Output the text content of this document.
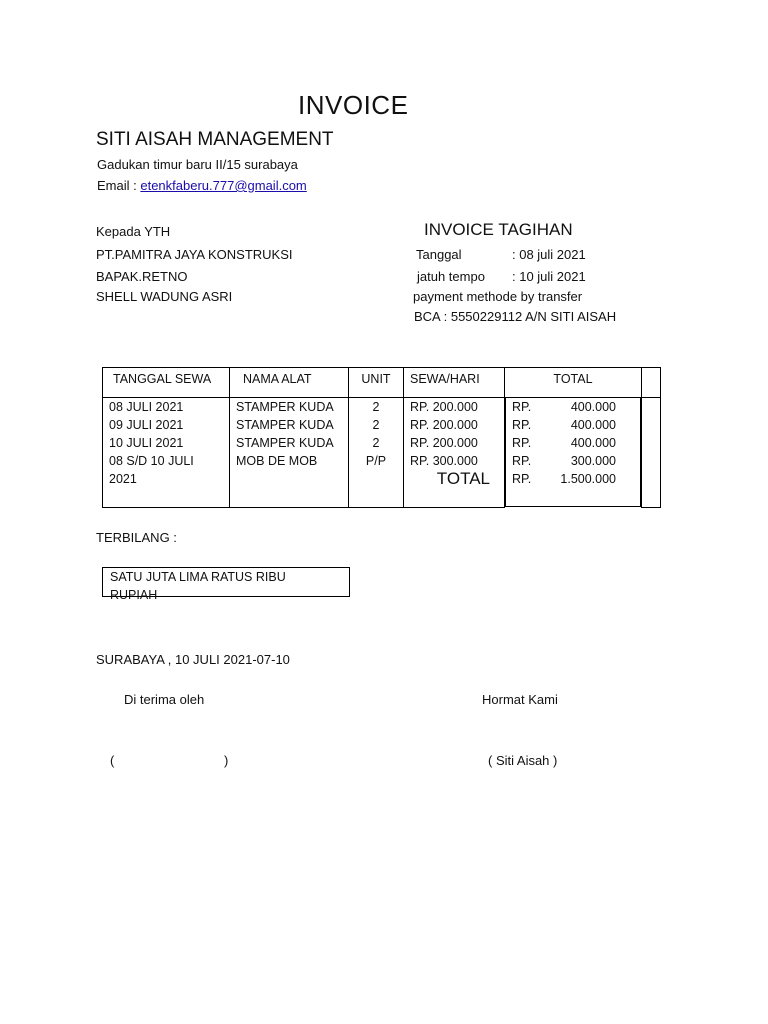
INVOICE
SITI AISAH MANAGEMENT
Gadukan timur baru II/15 surabaya
Email : etenkfaberu.777@gmail.com
Kepada YTH
PT.PAMITRA JAYA KONSTRUKSI
BAPAK.RETNO
SHELL WADUNG ASRI
INVOICE TAGIHAN
Tanggal	: 08 juli 2021
jatuh tempo : 10 juli 2021
payment methode by transfer
BCA : 5550229112 A/N SITI AISAH
TANGGAL SEWA	NAMA ALAT	UNIT	SEWA/HARI	TOTAL	
08 JULI 2021	STAMPER KUDA	2	RP. 200.000		RP.	400.000

09 JULI 2021	STAMPER KUDA	2	RP. 200.000		RP.	400.000

10 JULI 2021	STAMPER KUDA	2	RP. 200.000		RP.	400.000

08 S/D 10 JULI	MOB DE MOB	P/P	RP. 300.000		RP.	300.000

2021			TOTAL	RP. 1.500.000
TERBILANG :
SATU JUTA LIMA RATUS RIBU
RUPIAH
SURABAYA , 10 JULI 2021-07-10
Di terima oleh	Hormat Kami
(	)	( Siti Aisah )
